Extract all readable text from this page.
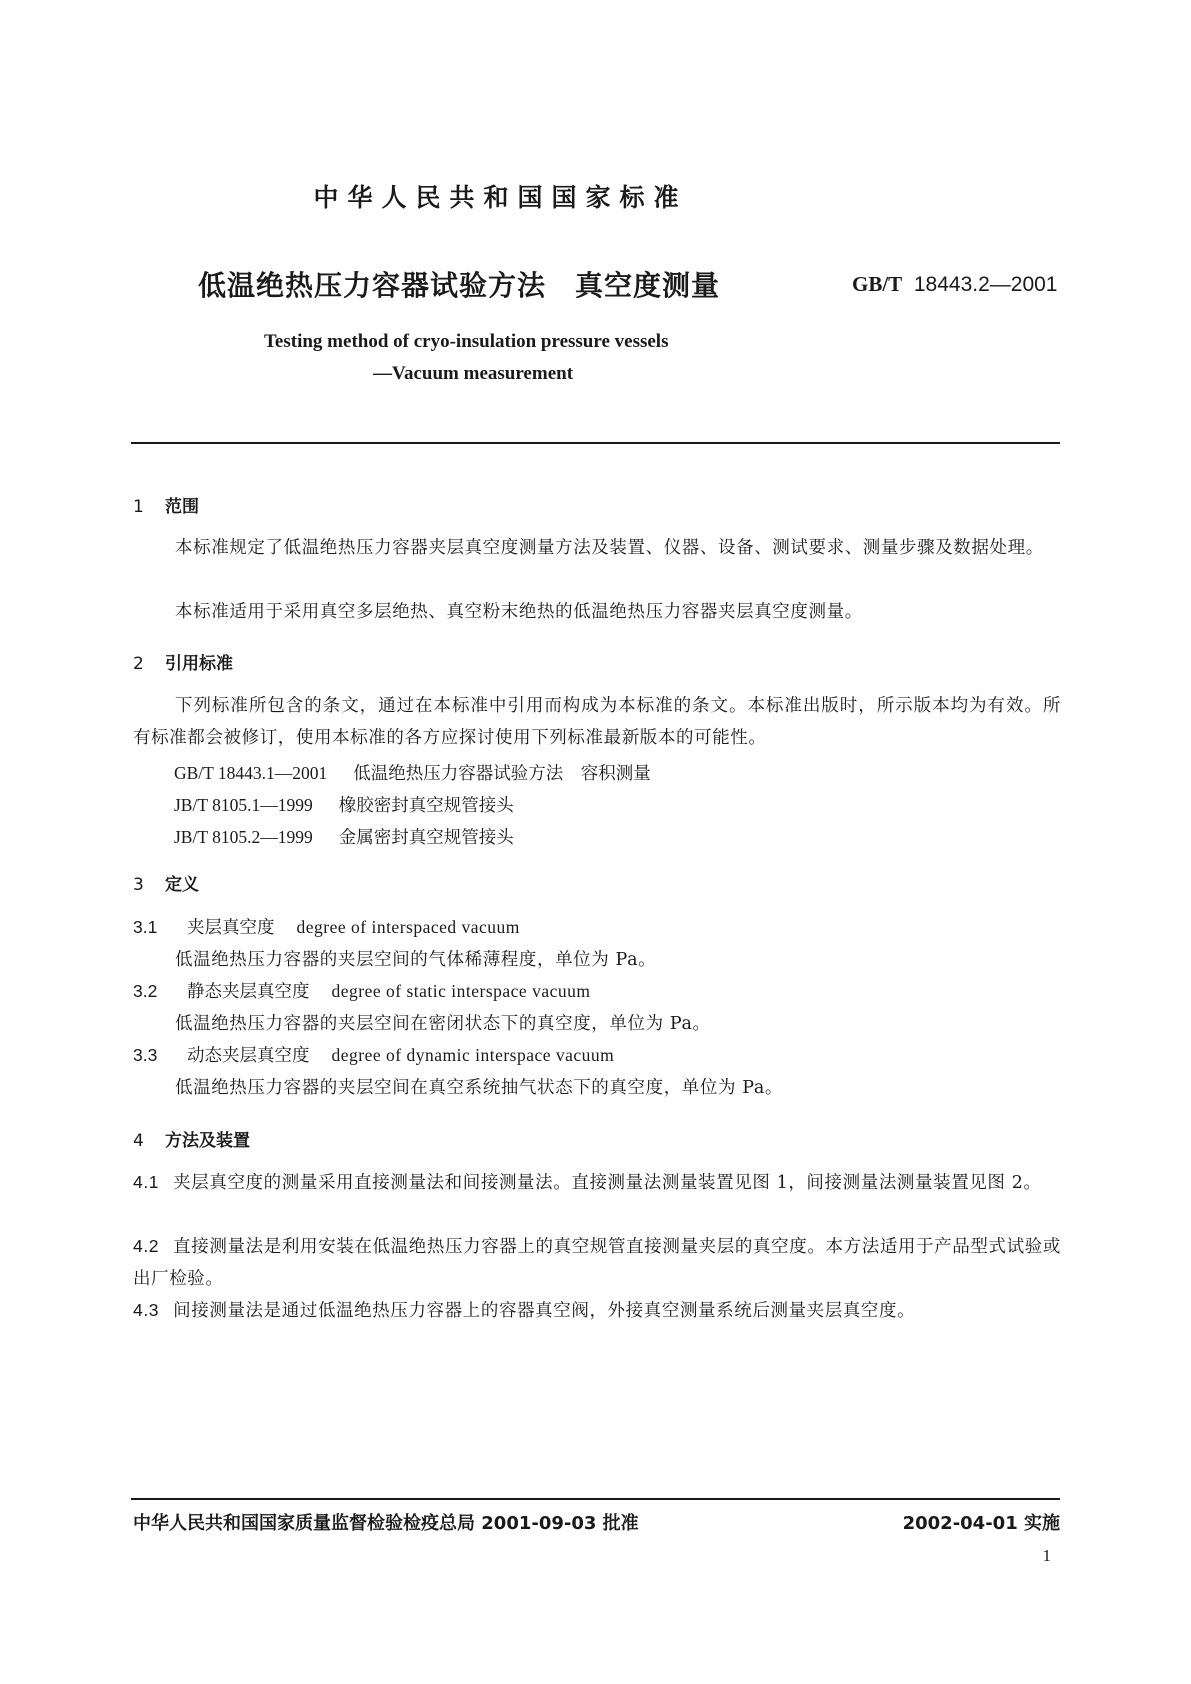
中华人民共和国国家标准
低温绝热压力容器试验方法　真空度测量	GB/T 18443.2—2001
Testing method of cryo-insulation pressure vessels
—Vacuum measurement
1 范围
本标准规定了低温绝热压力容器夹层真空度测量方法及装置、仪器、设备、测试要求、测量步骤及数据处理。
本标准适用于采用真空多层绝热、真空粉末绝热的低温绝热压力容器夹层真空度测量。
2 引用标准
下列标准所包含的条文，通过在本标准中引用而构成为本标准的条文。本标准出版时，所示版本均为有效。所有标准都会被修订，使用本标准的各方应探讨使用下列标准最新版本的可能性。
GB/T 18443.1—2001 低温绝热压力容器试验方法　容积测量
JB/T 8105.1—1999 橡胶密封真空规管接头
JB/T 8105.2—1999 金属密封真空规管接头
3 定义
3.1 夹层真空度 degree of interspaced vacuum
低温绝热压力容器的夹层空间的气体稀薄程度，单位为 Pa。
3.2 静态夹层真空度 degree of static interspace vacuum
低温绝热压力容器的夹层空间在密闭状态下的真空度，单位为 Pa。
3.3 动态夹层真空度 degree of dynamic interspace vacuum
低温绝热压力容器的夹层空间在真空系统抽气状态下的真空度，单位为 Pa。
4 方法及装置
4.1 夹层真空度的测量采用直接测量法和间接测量法。直接测量法测量装置见图 1，间接测量法测量装置见图 2。
4.2 直接测量法是利用安装在低温绝热压力容器上的真空规管直接测量夹层的真空度。本方法适用于产品型式试验或出厂检验。
4.3 间接测量法是通过低温绝热压力容器上的容器真空阀，外接真空测量系统后测量夹层真空度。
中华人民共和国国家质量监督检验检疫总局 2001-09-03 批准	2002-04-01 实施
1
